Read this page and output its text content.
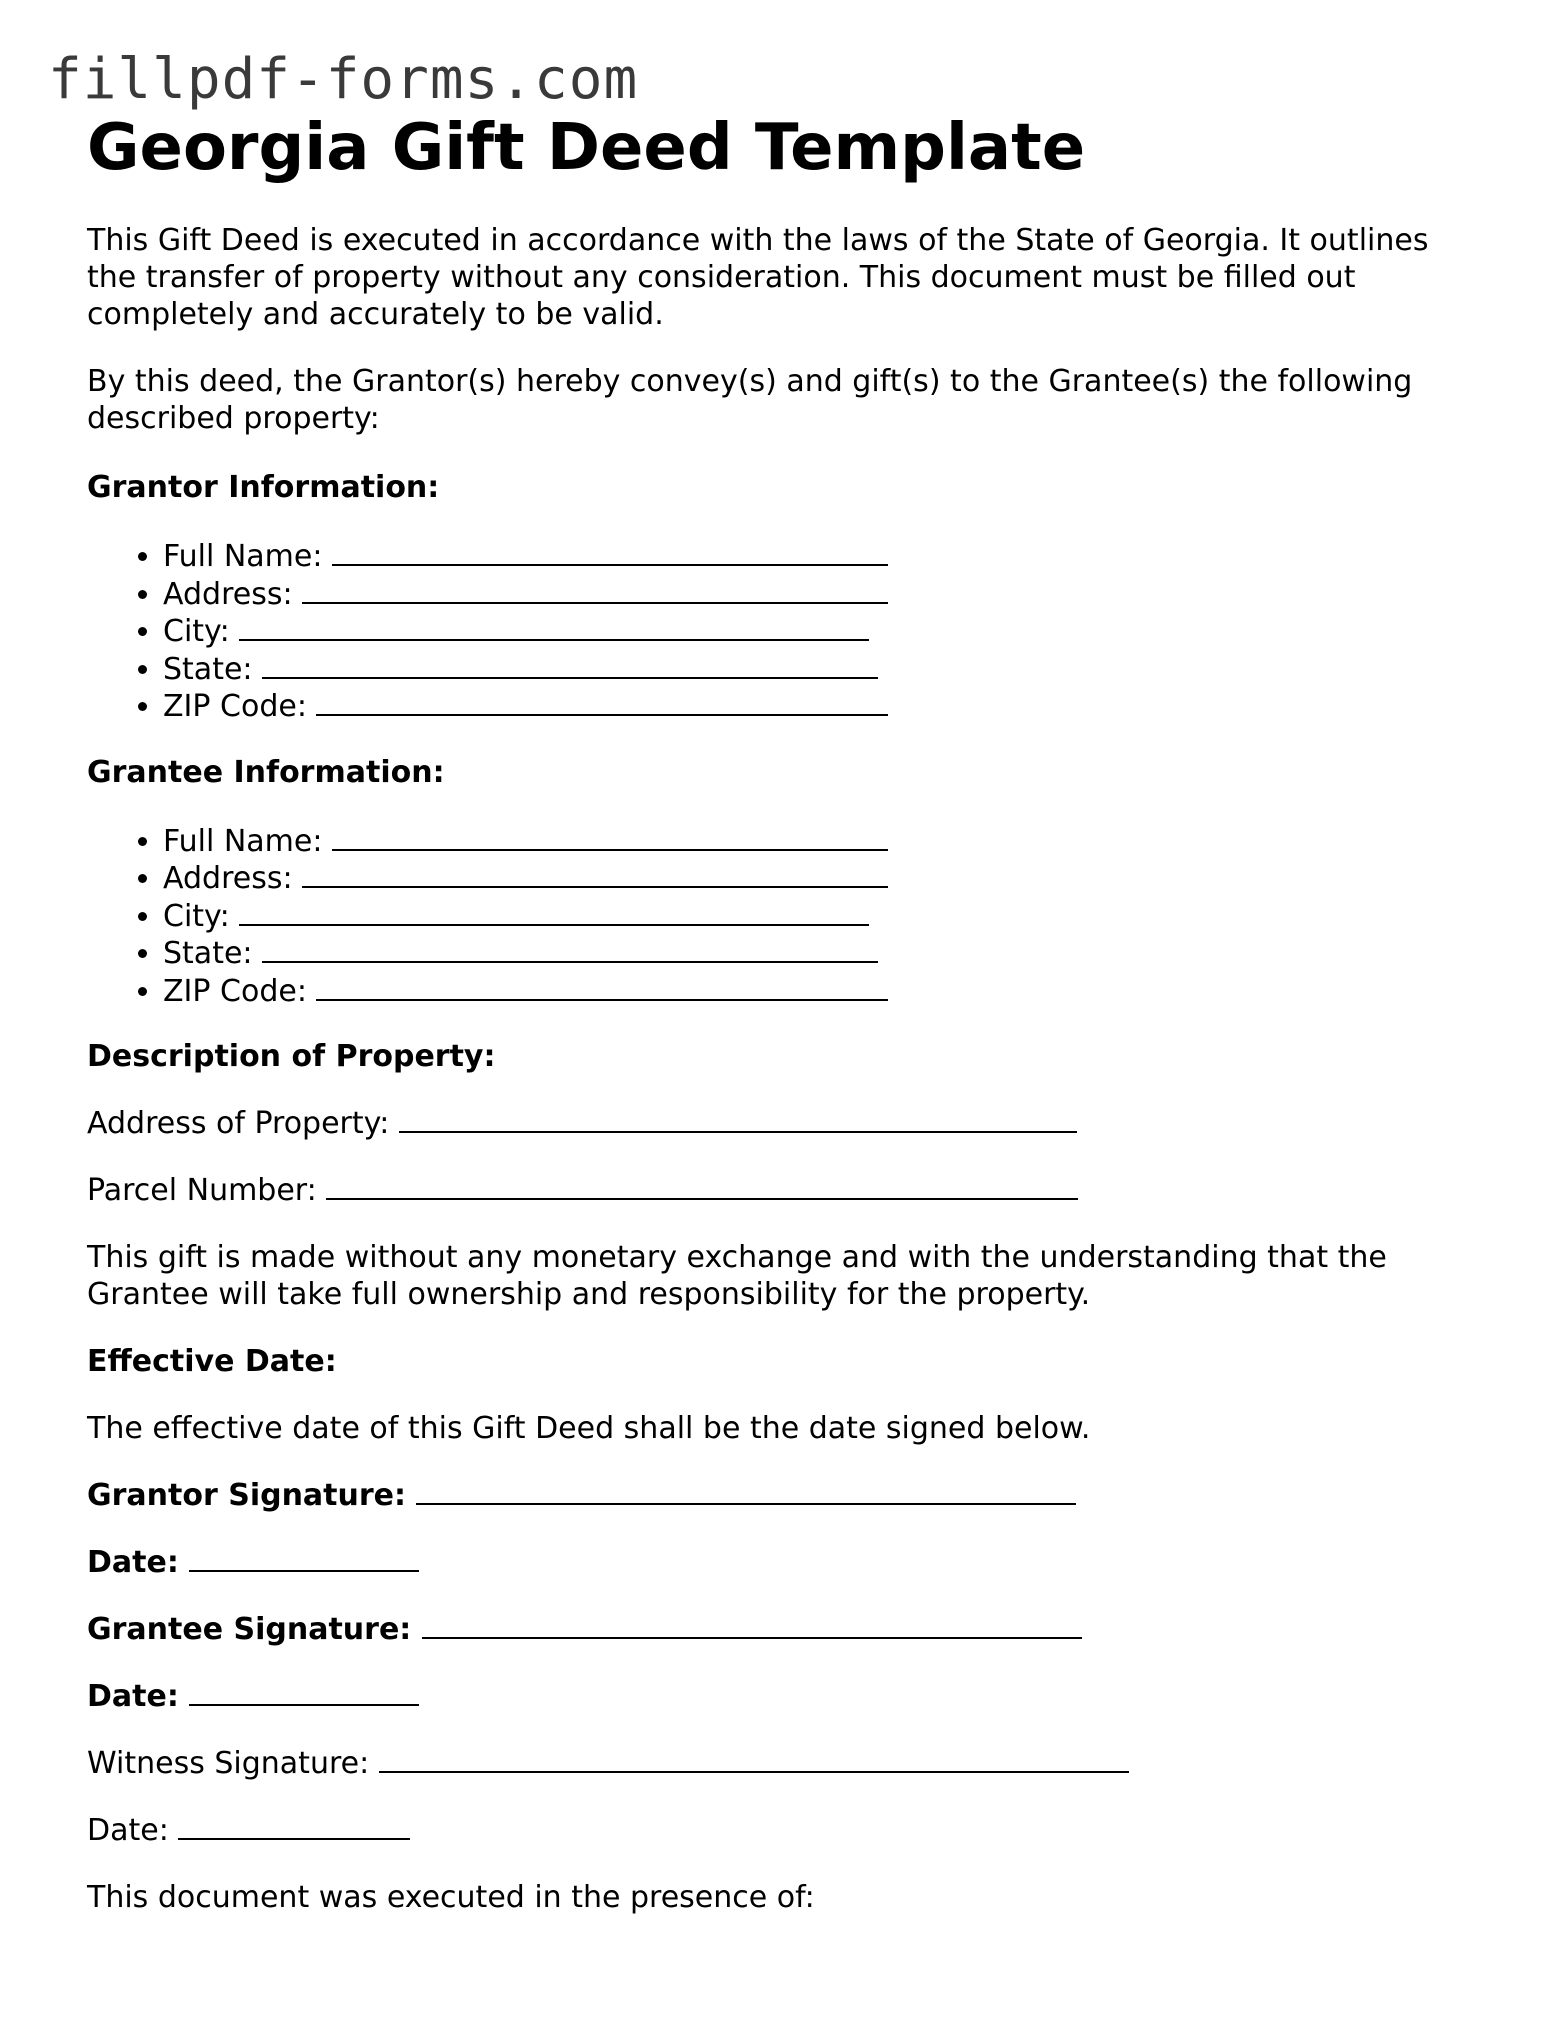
fillpdf-forms.com
Georgia Gift Deed Template

This Gift Deed is executed in accordance with the laws of the State of Georgia. It outlines the transfer of property without any consideration. This document must be filled out completely and accurately to be valid.

By this deed, the Grantor(s) hereby convey(s) and gift(s) to the Grantee(s) the following described property:

Grantor Information:
• Full Name:
• Address:
• City:
• State:
• ZIP Code:
Grantee Information:
• Full Name:
• Address:
• City:
• State:
• ZIP Code:
Description of Property:
Address of Property:
Parcel Number:

This gift is made without any monetary exchange and with the understanding that the Grantee will take full ownership and responsibility for the property.

Effective Date:

The effective date of this Gift Deed shall be the date signed below.

Grantor Signature:
Date:
Grantee Signature:
Date:
Witness Signature:
Date:

This document was executed in the presence of:
